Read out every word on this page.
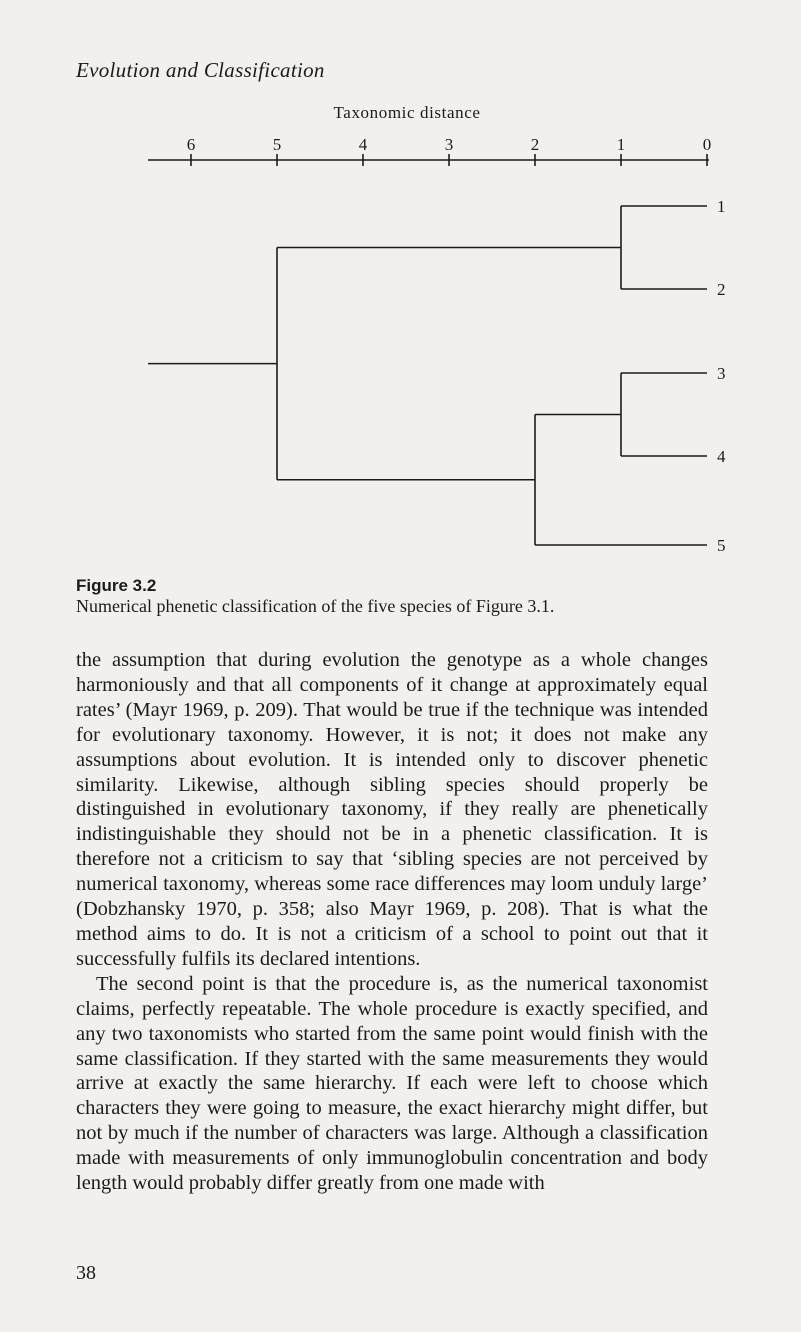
Evolution and Classification
Taxonomic distance
6	5	4	3	2	1	0
1
2
3
4
5
Figure 3.2
Numerical phenetic classification of the five species of Figure 3.1.

the assumption that during evolution the genotype as a whole changes harmoniously and that all components of it change at approximately equal rates’ (Mayr 1969, p. 209). That would be true if the technique was intended for evolutionary taxonomy. However, it is not; it does not make any assumptions about evolution. It is intended only to discover phenetic similarity. Likewise, although sibling species should properly be distinguished in evolutionary taxonomy, if they really are phenetically indistinguishable they should not be in a phenetic classification. It is therefore not a criticism to say that ‘sibling species are not perceived by numerical taxonomy, whereas some race differences may loom unduly large’ (Dobzhansky 1970, p. 358; also Mayr 1969, p. 208). That is what the method aims to do. It is not a criticism of a school to point out that it successfully fulfils its declared intentions.

The second point is that the procedure is, as the numerical taxonomist claims, perfectly repeatable. The whole procedure is exactly specified, and any two taxonomists who started from the same point would finish with the same classification. If they started with the same measurements they would arrive at exactly the same hierarchy. If each were left to choose which characters they were going to measure, the exact hierarchy might differ, but not by much if the number of characters was large. Although a classification made with measurements of only immunoglobulin concentration and body length would probably differ greatly from one made with

38
